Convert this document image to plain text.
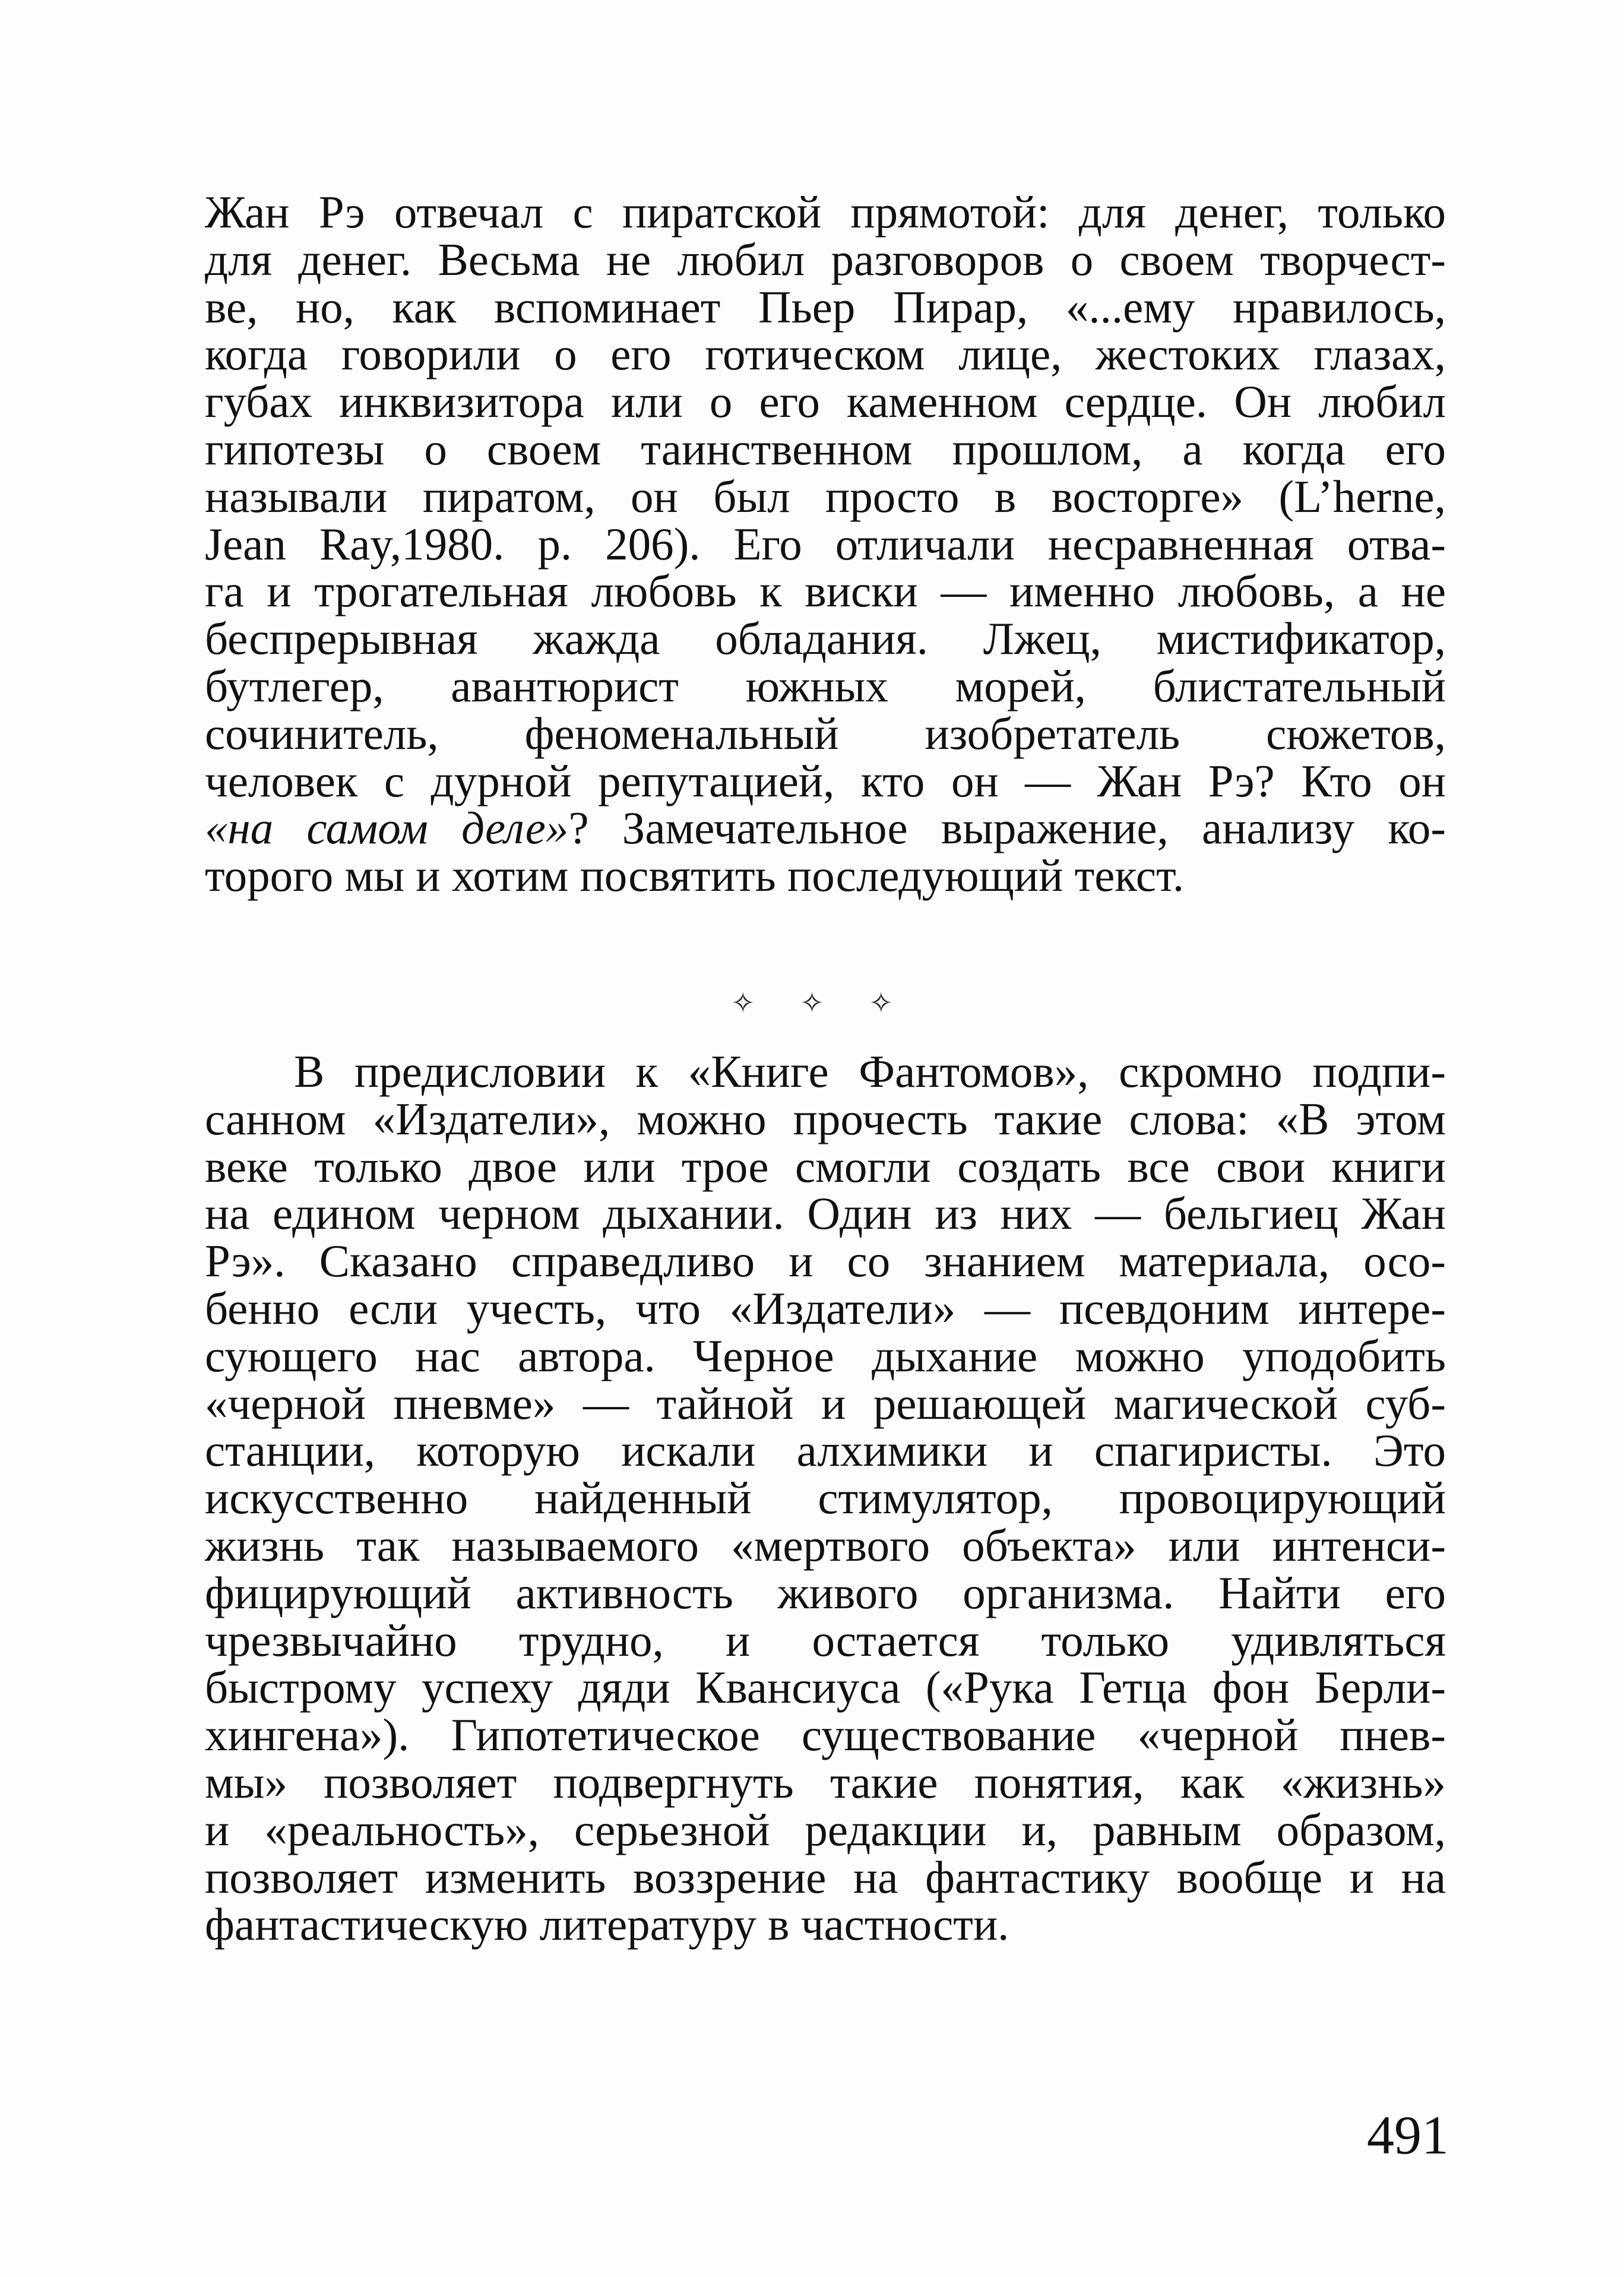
Жан Рэ отвечал с пиратской прямотой: для денег, только
для денег. Весьма не любил разговоров о своем творчест-
ве, но, как вспоминает Пьер Пирар, «...ему нравилось,
когда говорили о его готическом лице, жестоких глазах,
губах инквизитора или о его каменном сердце. Он любил
гипотезы о своем таинственном прошлом, а когда его
называли пиратом, он был просто в восторге» (L’herne,
Jean Ray,1980. p. 206). Его отличали несравненная отва-
га и трогательная любовь к виски — именно любовь, а не
беспрерывная жажда обладания. Лжец, мистификатор,
бутлегер, авантюрист южных морей, блистательный
сочинитель, феноменальный изобретатель сюжетов,
человек с дурной репутацией, кто он — Жан Рэ? Кто он
«на самом деле»? Замечательное выражение, анализу ко-
торого мы и хотим посвятить последующий текст.
✧ ✧ ✧
В предисловии к «Книге Фантомов», скромно подпи-
санном «Издатели», можно прочесть такие слова: «В этом
веке только двое или трое смогли создать все свои книги
на едином черном дыхании. Один из них — бельгиец Жан
Рэ». Сказано справедливо и со знанием материала, осо-
бенно если учесть, что «Издатели» — псевдоним интере-
сующего нас автора. Черное дыхание можно уподобить
«черной пневме» — тайной и решающей магической суб-
станции, которую искали алхимики и спагиристы. Это
искусственно найденный стимулятор, провоцирующий
жизнь так называемого «мертвого объекта» или интенси-
фицирующий активность живого организма. Найти его
чрезвычайно трудно, и остается только удивляться
быстрому успеху дяди Квансиуса («Рука Гетца фон Берли-
хингена»). Гипотетическое существование «черной пнев-
мы» позволяет подвергнуть такие понятия, как «жизнь»
и «реальность», серьезной редакции и, равным образом,
позволяет изменить воззрение на фантастику вообще и на
фантастическую литературу в частности.
491
